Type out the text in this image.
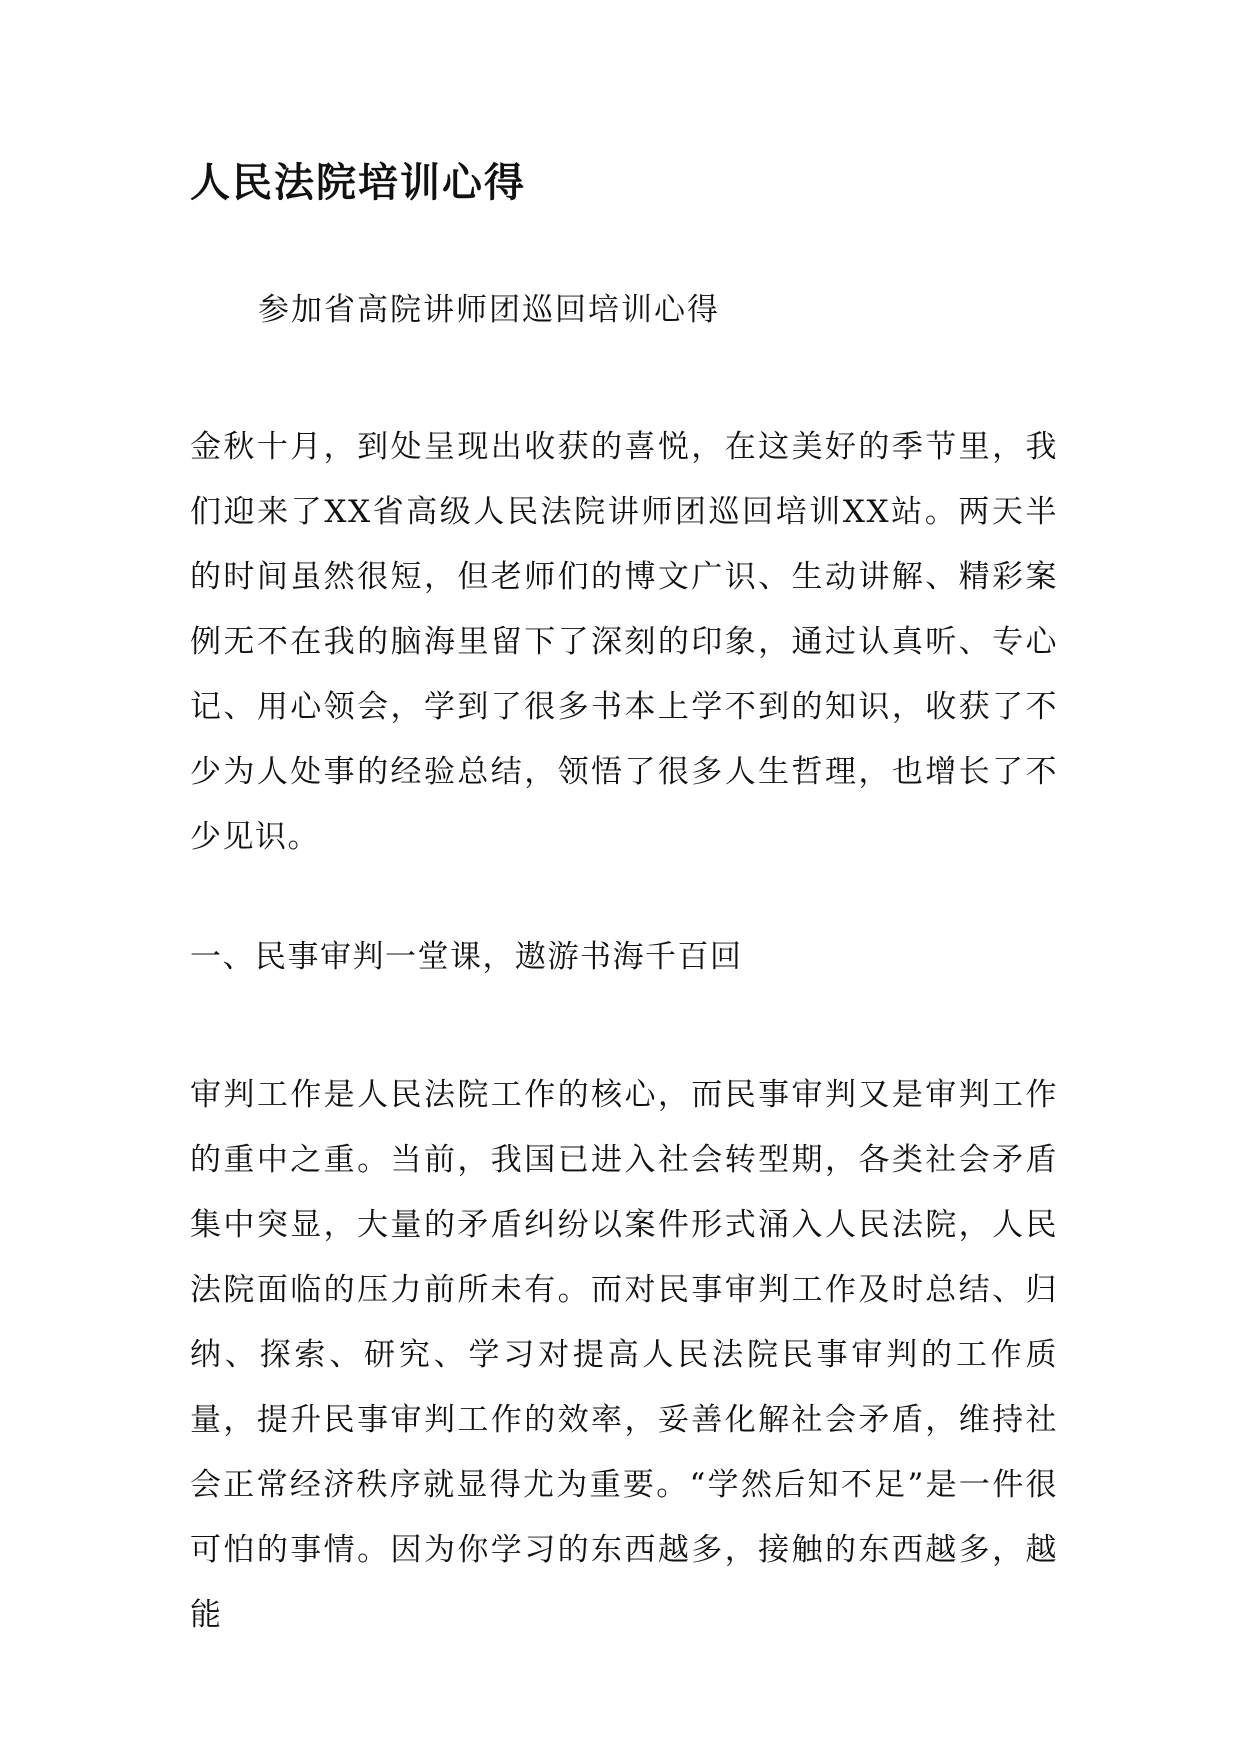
人民法院培训心得

参加省高院讲师团巡回培训心得

金秋十月，到处呈现出收获的喜悦，在这美好的季节里，我们迎来了XX省高级人民法院讲师团巡回培训XX站。两天半的时间虽然很短，但老师们的博文广识、生动讲解、精彩案例无不在我的脑海里留下了深刻的印象，通过认真听、专心记、用心领会，学到了很多书本上学不到的知识，收获了不少为人处事的经验总结，领悟了很多人生哲理，也增长了不少见识。

一、民事审判一堂课，遨游书海千百回

审判工作是人民法院工作的核心，而民事审判又是审判工作的重中之重。当前，我国已进入社会转型期，各类社会矛盾集中突显，大量的矛盾纠纷以案件形式涌入人民法院，人民法院面临的压力前所未有。而对民事审判工作及时总结、归纳、探索、研究、学习对提高人民法院民事审判的工作质量，提升民事审判工作的效率，妥善化解社会矛盾，维持社会正常经济秩序就显得尤为重要。“学然后知不足”是一件很可怕的事情。因为你学习的东西越多，接触的东西越多，越能
